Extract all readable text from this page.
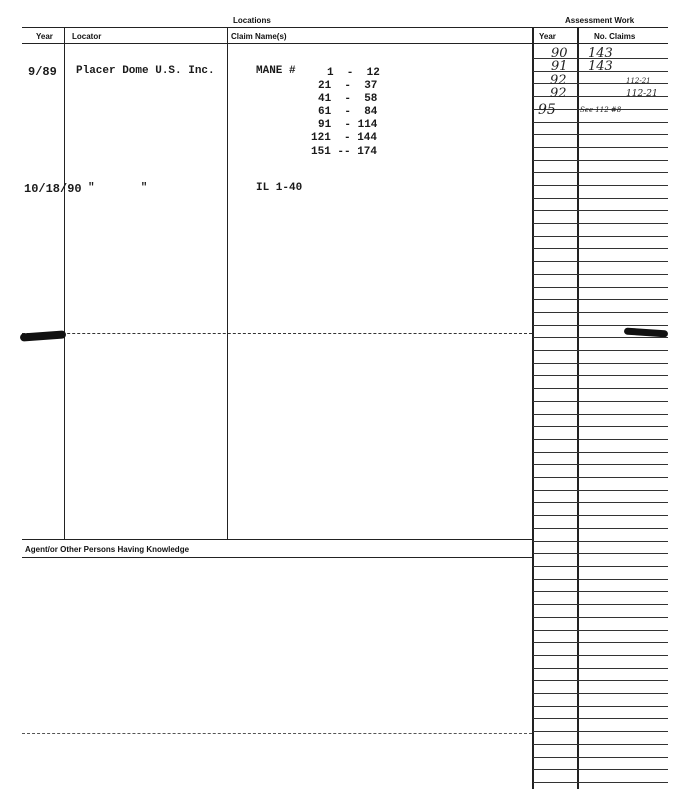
Locations	Assessment Work
Year Locator	Claim Name(s)	Year	No. Claims
Agent/or Other Persons Having Knowledge
9/89 Placer Dome U.S. Inc.	MANE #	1  -  12
21  -  37
41  -  58
61  -  84
91  - 114
121  - 144
151 -- 174
10/18/90 "       "	IL 1-40
90 143
91 143
92	112-21
92	112-21
95	See 112 #8
